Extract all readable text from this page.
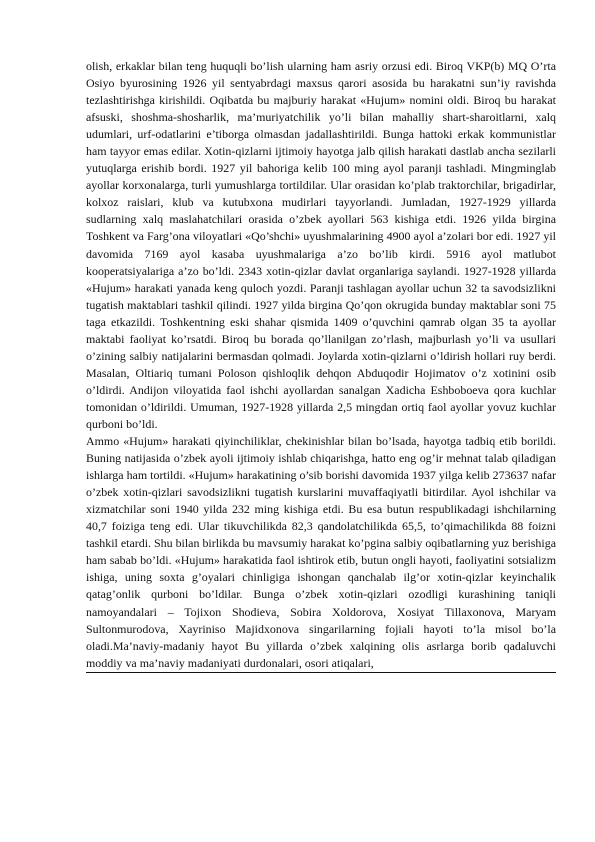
olish, erkaklar bilan teng huquqli bo’lish ularning ham asriy orzusi edi. Biroq VKP(b) MQ O’rta Osiyo byurosining 1926 yil sentyabrdagi maxsus qarori asosida bu harakatni sun’iy ravishda tezlashtirishga kirishildi. Oqibatda bu majburiy harakat «Hujum» nomini oldi. Biroq bu harakat afsuski, shoshma-shosharlik, ma’muriyatchilik yo’li bilan mahalliy shart-sharoitlarni, xalq udumlari, urf-odatlarini e’tiborga olmasdan jadallashtirildi. Bunga hattoki erkak kommunistlar ham tayyor emas edilar. Xotin-qizlarni ijtimoiy hayotga jalb qilish harakati dastlab ancha sezilarli yutuqlarga erishib bordi. 1927 yil bahoriga kelib 100 ming ayol paranji tashladi. Mingminglab ayollar korxonalarga, turli yumushlarga tortildilar. Ular orasidan ko’plab traktorchilar, brigadirlar, kolxoz raislari, klub va kutubxona mudirlari tayyorlandi. Jumladan, 1927-1929 yillarda sudlarning xalq maslahatchilari orasida o’zbek ayollari 563 kishiga etdi. 1926 yilda birgina Toshkent va Farg’ona viloyatlari «Qo’shchi» uyushmalarining 4900 ayol a’zolari bor edi. 1927 yil davomida 7169 ayol kasaba uyushmalariga a’zo bo’lib kirdi. 5916 ayol matlubot kooperatsiyalariga a’zo bo’ldi. 2343 xotin-qizlar davlat organlariga saylandi. 1927-1928 yillarda «Hujum» harakati yanada keng quloch yozdi. Paranji tashlagan ayollar uchun 32 ta savodsizlikni tugatish maktablari tashkil qilindi. 1927 yilda birgina Qo’qon okrugida bunday maktablar soni 75 taga etkazildi. Toshkentning eski shahar qismida 1409 o’quvchini qamrab olgan 35 ta ayollar maktabi faoliyat ko’rsatdi. Biroq bu borada qo’llanilgan zo’rlash, majburlash yo’li va usullari o’zining salbiy natijalarini bermasdan qolmadi. Joylarda xotin-qizlarni o’ldirish hollari ruy berdi. Masalan, Oltiariq tumani Poloson qishloqlik dehqon Abduqodir Hojimatov o’z xotinini osib o’ldirdi. Andijon viloyatida faol ishchi ayollardan sanalgan Xadicha Eshboboeva qora kuchlar tomonidan o’ldirildi. Umuman, 1927-1928 yillarda 2,5 mingdan ortiq faol ayollar yovuz kuchlar qurboni bo’ldi.

Ammo «Hujum» harakati qiyinchiliklar, chekinishlar bilan bo’lsada, hayotga tadbiq etib borildi. Buning natijasida o’zbek ayoli ijtimoiy ishlab chiqarishga, hatto eng og’ir mehnat talab qiladigan ishlarga ham tortildi. «Hujum» harakatining o’sib borishi davomida 1937 yilga kelib 273637 nafar o’zbek xotin-qizlari savodsizlikni tugatish kurslarini muvaffaqiyatli bitirdilar. Ayol ishchilar va xizmatchilar soni 1940 yilda 232 ming kishiga etdi. Bu esa butun respublikadagi ishchilarning 40,7 foiziga teng edi. Ular tikuvchilikda 82,3 qandolatchilikda 65,5, to’qimachilikda 88 foizni tashkil etardi. Shu bilan birlikda bu mavsumiy harakat ko’pgina salbiy oqibatlarning yuz berishiga ham sabab bo’ldi. «Hujum» harakatida faol ishtirok etib, butun ongli hayoti, faoliyatini sotsializm ishiga, uning soxta g’oyalari chinligiga ishongan qanchalab ilg’or xotin-qizlar keyinchalik qatag’onlik qurboni bo’ldilar. Bunga o’zbek xotin-qizlari ozodligi kurashining taniqli namoyandalari – Tojixon Shodieva, Sobira Xoldorova, Xosiyat Tillaxonova, Maryam Sultonmurodova, Xayriniso Majidxonova singarilarning fojiali hayoti to’la misol bo’la oladi.Ma’naviy-madaniy hayot Bu yillarda o’zbek xalqining olis asrlarga borib qadaluvchi moddiy va ma’naviy madaniyati durdonalari, osori atiqalari,
